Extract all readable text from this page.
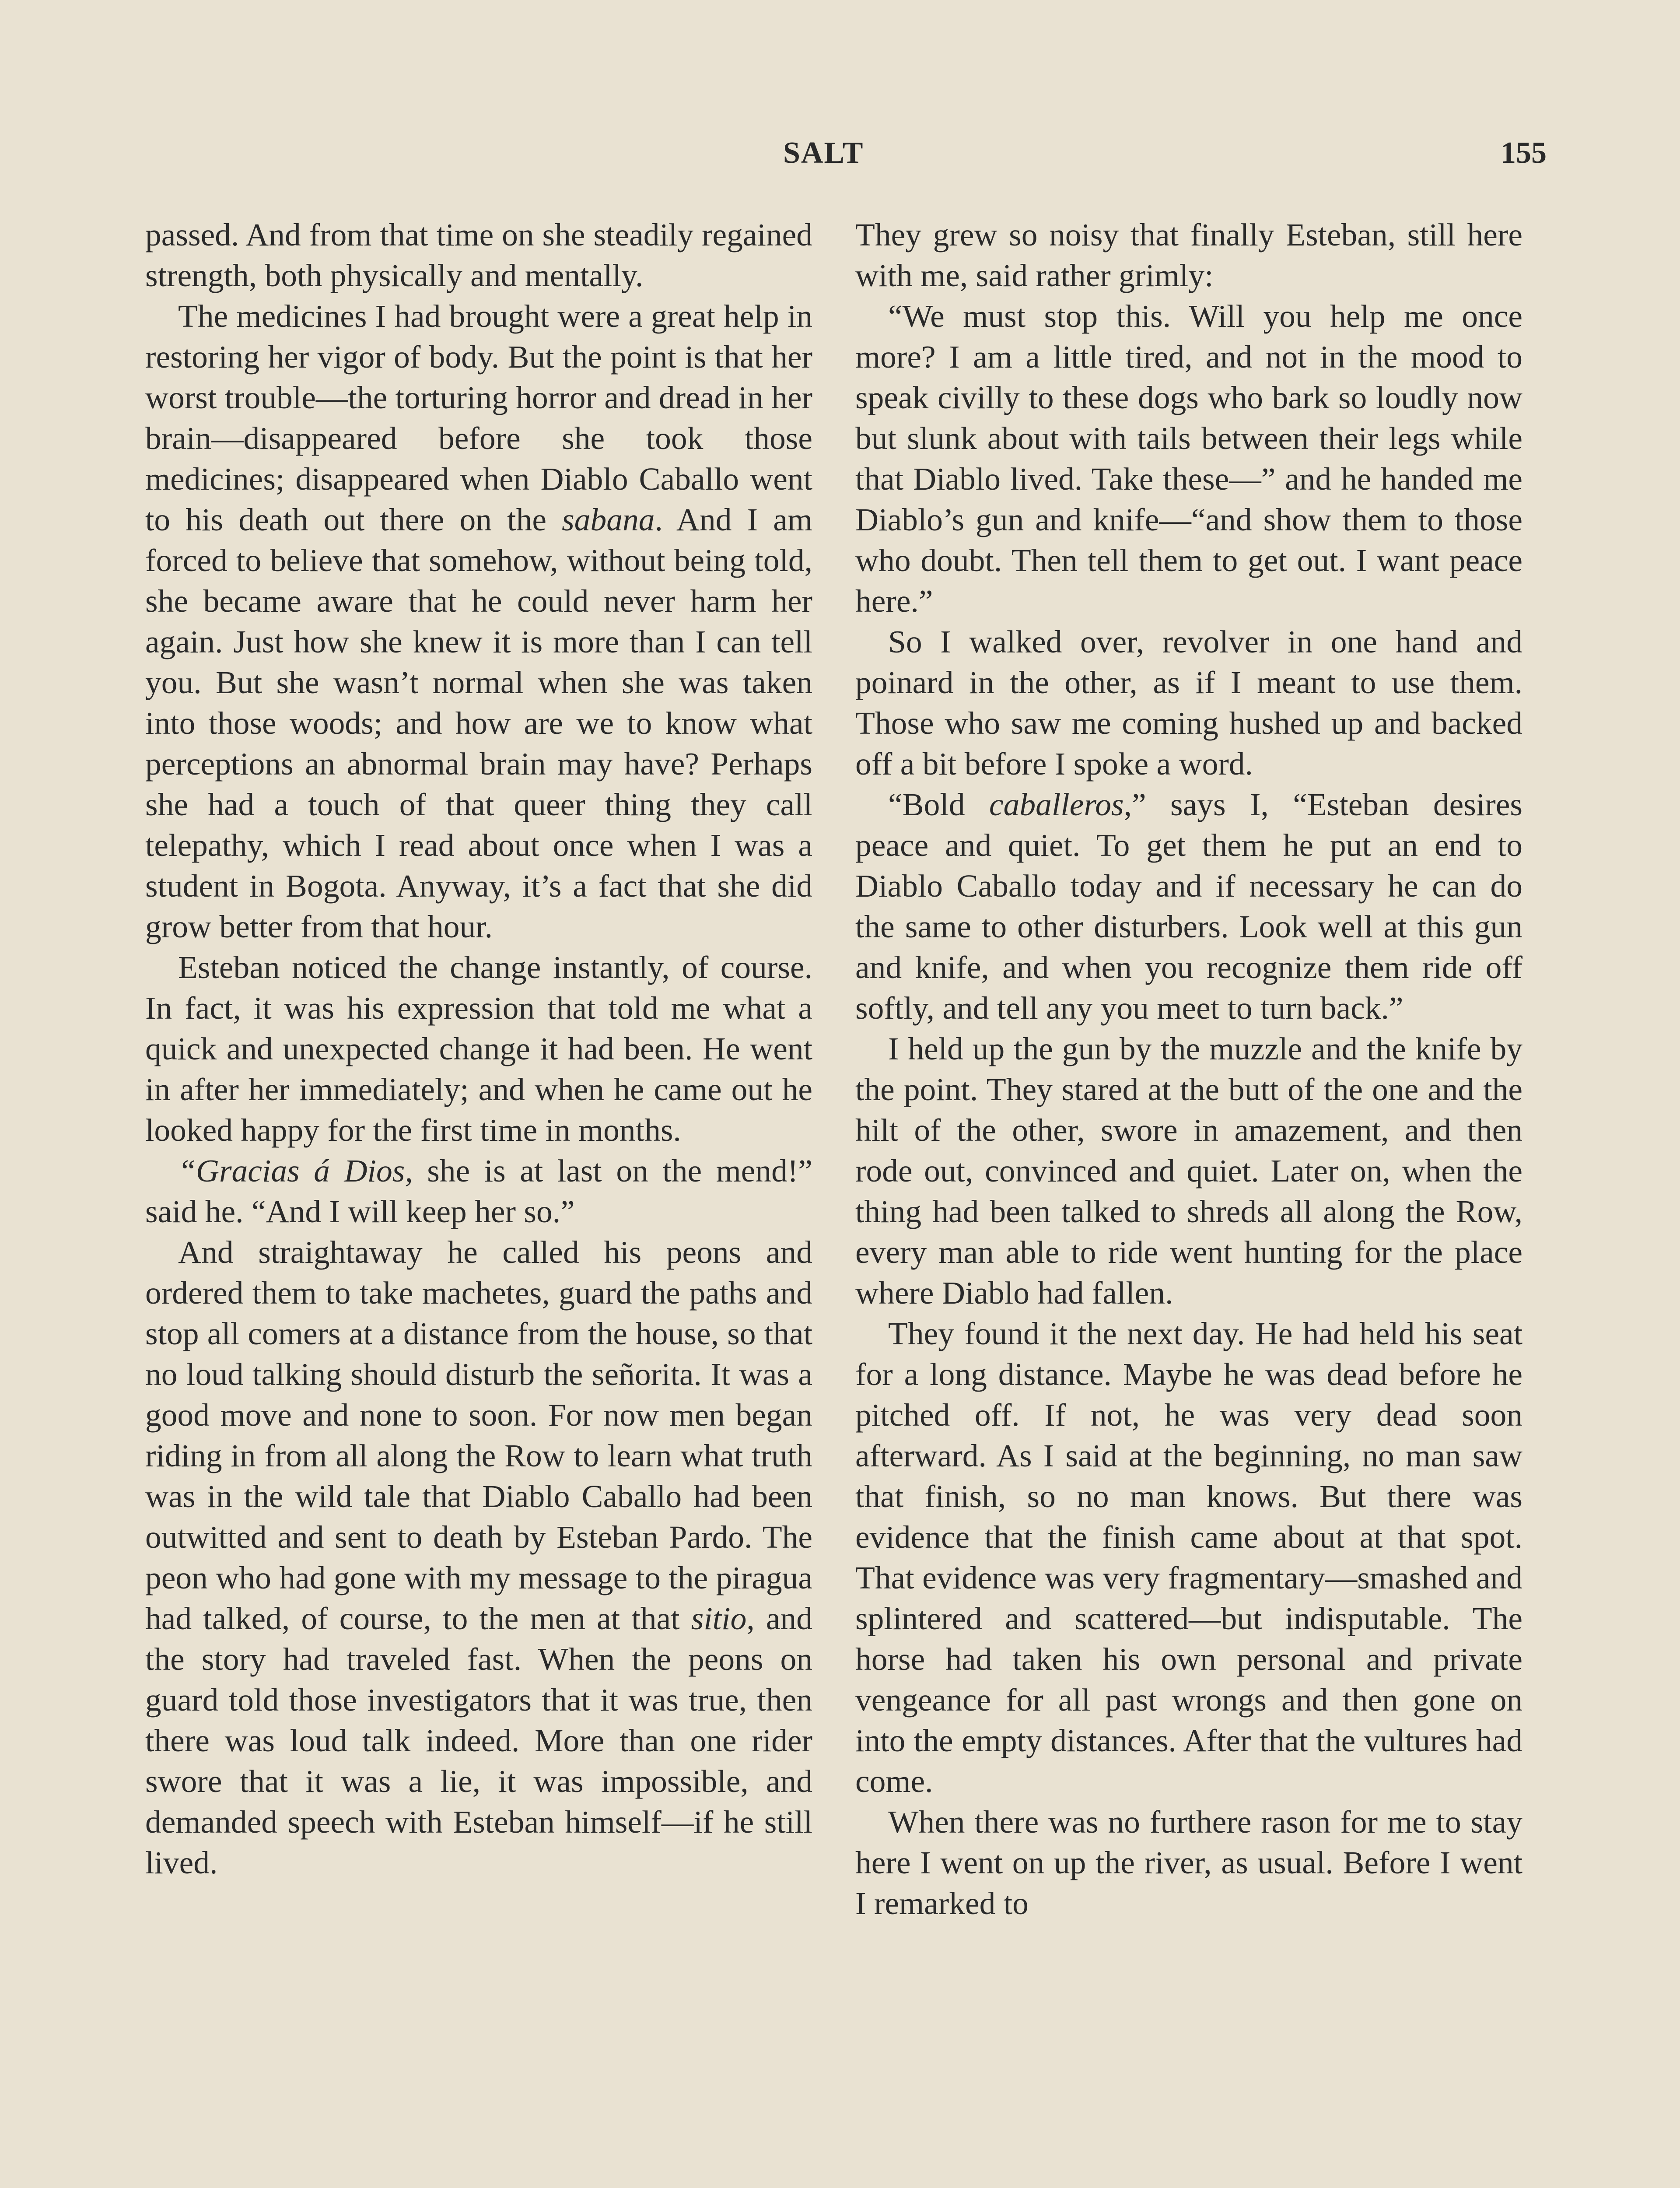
SALT	155

passed. And from that time on she steadily regained strength, both physically and mentally.

The medicines I had brought were a great help in restoring her vigor of body. But the point is that her worst trouble—the torturing horror and dread in her brain—disappeared before she took those medicines; disappeared when Diablo Caballo went to his death out there on the sabana. And I am forced to believe that somehow, without being told, she became aware that he could never harm her again. Just how she knew it is more than I can tell you. But she wasn’t normal when she was taken into those woods; and how are we to know what perceptions an abnormal brain may have? Perhaps she had a touch of that queer thing they call telepathy, which I read about once when I was a student in Bogota. Anyway, it’s a fact that she did grow better from that hour.

Esteban noticed the change instantly, of course. In fact, it was his expression that told me what a quick and unexpected change it had been. He went in after her immediately; and when he came out he looked happy for the first time in months.

“Gracias á Dios, she is at last on the mend!” said he. “And I will keep her so.”

And straightaway he called his peons and ordered them to take machetes, guard the paths and stop all comers at a distance from the house, so that no loud talking should disturb the señorita. It was a good move and none to soon. For now men began riding in from all along the Row to learn what truth was in the wild tale that Diablo Caballo had been outwitted and sent to death by Esteban Pardo. The peon who had gone with my message to the piragua had talked, of course, to the men at that sitio, and the story had traveled fast. When the peons on guard told those investigators that it was true, then there was loud talk indeed. More than one rider swore that it was a lie, it was impossible, and demanded speech with Esteban himself—if he still lived.

They grew so noisy that finally Esteban, still here with me, said rather grimly:

“We must stop this. Will you help me once more? I am a little tired, and not in the mood to speak civilly to these dogs who bark so loudly now but slunk about with tails between their legs while that Diablo lived. Take these—” and he handed me Diablo’s gun and knife—“and show them to those who doubt. Then tell them to get out. I want peace here.”

So I walked over, revolver in one hand and poinard in the other, as if I meant to use them. Those who saw me coming hushed up and backed off a bit before I spoke a word.

“Bold caballeros,” says I, “Esteban desires peace and quiet. To get them he put an end to Diablo Caballo today and if necessary he can do the same to other disturbers. Look well at this gun and knife, and when you recognize them ride off softly, and tell any you meet to turn back.”

I held up the gun by the muzzle and the knife by the point. They stared at the butt of the one and the hilt of the other, swore in amazement, and then rode out, convinced and quiet. Later on, when the thing had been talked to shreds all along the Row, every man able to ride went hunting for the place where Diablo had fallen.

They found it the next day. He had held his seat for a long distance. Maybe he was dead before he pitched off. If not, he was very dead soon afterward. As I said at the beginning, no man saw that finish, so no man knows. But there was evidence that the finish came about at that spot. That evidence was very fragmentary—smashed and splintered and scattered—but indisputable. The horse had taken his own personal and private vengeance for all past wrongs and then gone on into the empty distances. After that the vultures had come.

When there was no furthere rason for me to stay here I went on up the river, as usual. Before I went I remarked to
